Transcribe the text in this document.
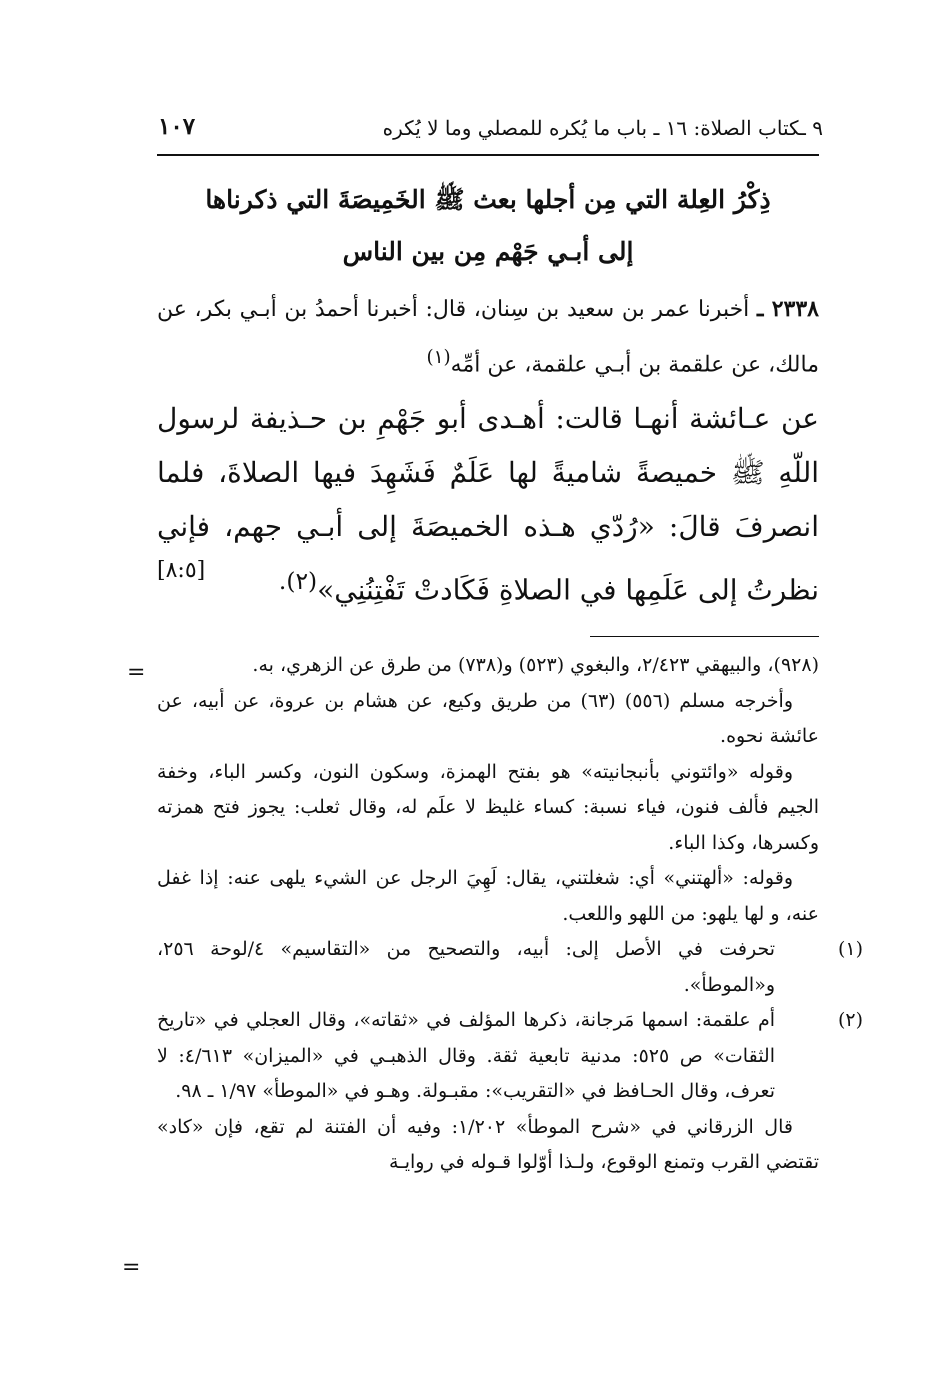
٩ ـكتاب الصلاة: ١٦ ـ باب ما يُكره للمصلي وما لا يُكره
١٠٧
ذِكْرُ العِلة التي مِن أجلها بعث ﷺ الخَمِيصَةَ التي ذكرناها
إلى أبـي جَهْم مِن بين الناس

٢٣٣٨ ـ أخبرنا عمر بن سعيد بن سِنان، قال: أخبرنا أحمدُ بن أبـي بكر، عن مالك، عن علقمة بن أبـي علقمة، عن أمِّه$^{(١)}$

عن عـائشة أنهـا قالت: أهـدى أبو جَهْمِ بن حـذيفة لرسول اللّهِ ﷺ خميصةً شاميةً لها عَلَمٌ فَشَهِدَ فيها الصلاةَ، فلما انصرفَ قالَ: «رُدّي هـذه الخميصَةَ إلى أبـي جهم، فإني نظرتُ إلى عَلَمِها في الصلاةِ فَكَادتْ تَفْتِنُنِي»$^{(٢).}$

[٨:٥]
=	(٩٢٨)، والبيهقي ٢/٤٢٣، والبغوي (٥٢٣) و(٧٣٨) من طرق عن الزهري، به.

وأخرجه مسلم (٥٥٦) (٦٣) من طريق وكيع، عن هشام بن عروة، عن أبيه، عن عائشة نحوه.

وقوله «وائتوني بأنبجانيته» هو بفتح الهمزة، وسكون النون، وكسر الباء، وخفة الجيم فألف فنون، فياء نسبة: كساء غليظ لا علَم له، وقال ثعلب: يجوز فتح همزته وكسرها، وكذا الباء.

وقوله: «ألهتني» أي: شغلتني، يقال: لَهِيَ الرجل عن الشيء يلهى عنه: إذا غفل عنه، و لها يلهو: من اللهو واللعب.

(١)تحرفت في الأصل إلى: أبيه، والتصحيح من «التقاسيم» ٤/لوحة ٢٥٦، و«الموطأ».

(٢)أم علقمة: اسمها مَرجانة، ذكرها المؤلف في «ثقاته»، وقال العجلي في «تاريخ الثقات» ص ٥٢٥: مدنية تابعية ثقة. وقال الذهبـي في «الميزان» ٤/٦١٣: لا تعرف، وقال الحـافظ في «التقريب»: مقبـولة. وهـو في «الموطأ» ١/٩٧ ـ ٩٨.

قال الزرقاني في «شرح الموطأ» ١/٢٠٢: وفيه أن الفتنة لم تقع، فإن «كاد» تقتضي القرب وتمنع الوقوع، ولـذا أوّلوا قـوله في روايـة

=
